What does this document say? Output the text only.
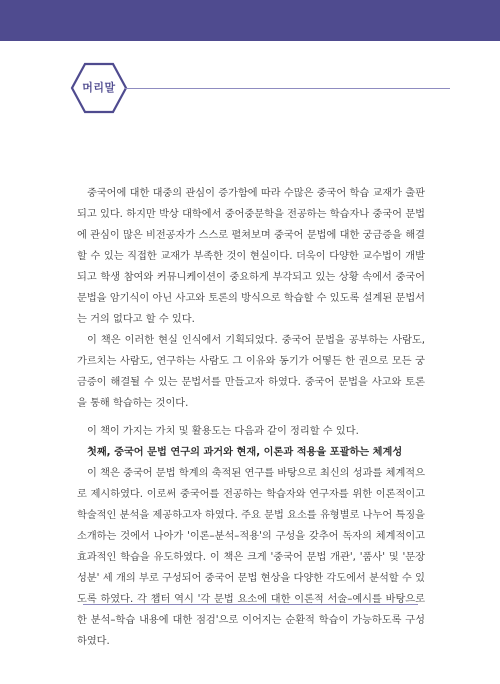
머리말

중국어에 대한 대중의 관심이 증가함에 따라 수많은 중국어 학습 교재가 출판되고 있다. 하지만 박상 대학에서 중어중문학을 전공하는 학습자나 중국어 문법에 관심이 많은 비전공자가 스스로 펼쳐보며 중국어 문법에 대한 궁금증을 해결할 수 있는 직접한 교재가 부족한 것이 현실이다. 더욱이 다양한 교수법이 개발되고 학생 참여와 커뮤니케이션이 중요하게 부각되고 있는 상황 속에서 중국어 문법을 암기식이 아닌 사고와 토론의 방식으로 학습할 수 있도록 설계된 문법서는 거의 없다고 할 수 있다.

이 책은 이러한 현실 인식에서 기획되었다. 중국어 문법을 공부하는 사람도, 가르치는 사람도, 연구하는 사람도 그 이유와 동기가 어떻든 한 권으로 모든 궁금증이 해결될 수 있는 문법서를 만들고자 하였다. 중국어 문법을 사고와 토론을 통해 학습하는 것이다.

이 책이 가지는 가치 및 활용도는 다음과 같이 정리할 수 있다.

첫째, 중국어 문법 연구의 과거와 현재, 이론과 적용을 포괄하는 체계성

이 책은 중국어 문법 학계의 축적된 연구를 바탕으로 최신의 성과를 체계적으로 제시하였다. 이로써 중국어를 전공하는 학습자와 연구자를 위한 이론적이고 학술적인 분석을 제공하고자 하였다. 주요 문법 요소를 유형별로 나누어 특징을 소개하는 것에서 나아가 '이론–분석–적용'의 구성을 갖추어 독자의 체계적이고 효과적인 학습을 유도하였다. 이 책은 크게 '중국어 문법 개관', '품사' 및 '문장성분' 세 개의 부로 구성되어 중국어 문법 현상을 다양한 각도에서 분석할 수 있도록 하였다. 각 챕터 역시 '각 문법 요소에 대한 이론적 서술–예시를 바탕으로 한 분석–학습 내용에 대한 점검'으로 이어지는 순환적 학습이 가능하도록 구성하였다.
